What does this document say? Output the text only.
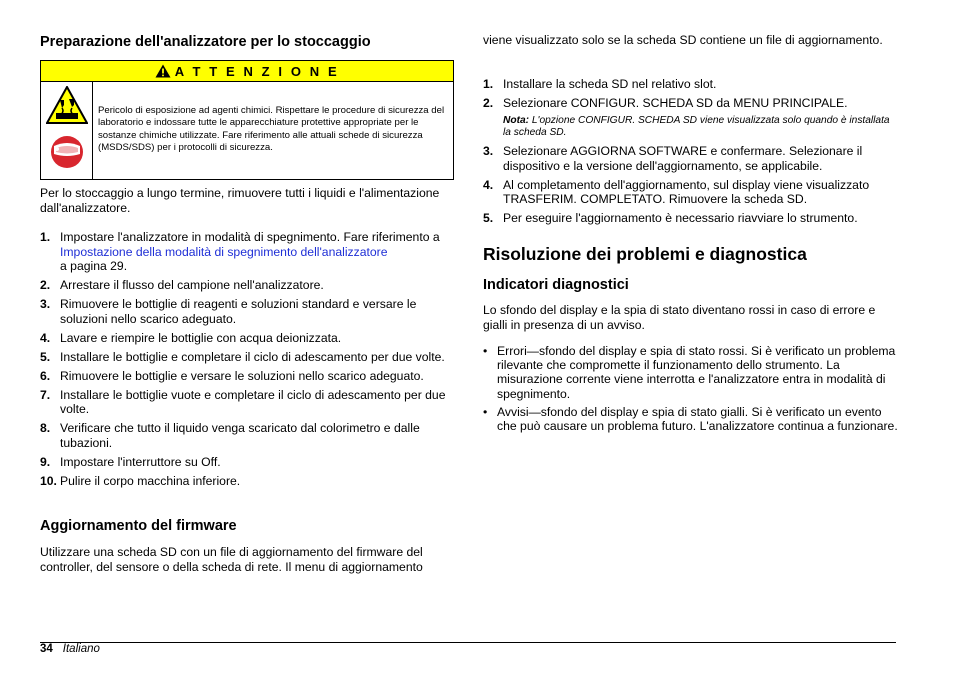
Preparazione dell'analizzatore per lo stoccaggio
A T T E N Z I O N E
Pericolo di esposizione ad agenti chimici. Rispettare le procedure di sicurezza del laboratorio e indossare tutte le apparecchiature protettive appropriate per le sostanze chimiche utilizzate. Fare riferimento alle attuali schede di sicurezza (MSDS/SDS) per i protocolli di sicurezza.

Per lo stoccaggio a lungo termine, rimuovere tutti i liquidi e l'alimentazione dall'analizzatore.

1. Impostare l'analizzatore in modalità di spegnimento. Fare riferimento a Impostazione della modalità di spegnimento dell'analizzatore
a pagina 29.
2. Arrestare il flusso del campione nell'analizzatore.
3. Rimuovere le bottiglie di reagenti e soluzioni standard e versare le soluzioni nello scarico adeguato.
4. Lavare e riempire le bottiglie con acqua deionizzata.
5. Installare le bottiglie e completare il ciclo di adescamento per due volte.
6. Rimuovere le bottiglie e versare le soluzioni nello scarico adeguato.
7. Installare le bottiglie vuote e completare il ciclo di adescamento per due volte.
8. Verificare che tutto il liquido venga scaricato dal colorimetro e dalle tubazioni.
9. Impostare l'interruttore su Off.
10. Pulire il corpo macchina inferiore.
Aggiornamento del firmware

Utilizzare una scheda SD con un file di aggiornamento del firmware del controller, del sensore o della scheda di rete. Il menu di aggiornamento

viene visualizzato solo se la scheda SD contiene un file di aggiornamento.

1. Installare la scheda SD nel relativo slot.
2. Selezionare CONFIGUR. SCHEDA SD da MENU PRINCIPALE.
Nota: L'opzione CONFIGUR. SCHEDA SD viene visualizzata solo quando è installata la scheda SD.
3. Selezionare AGGIORNA SOFTWARE e confermare. Selezionare il dispositivo e la versione dell'aggiornamento, se applicabile.
4. Al completamento dell'aggiornamento, sul display viene visualizzato TRASFERIM. COMPLETATO. Rimuovere la scheda SD.
5. Per eseguire l'aggiornamento è necessario riavviare lo strumento.
Risoluzione dei problemi e diagnostica
Indicatori diagnostici

Lo sfondo del display e la spia di stato diventano rossi in caso di errore e gialli in presenza di un avviso.

• Errori—sfondo del display e spia di stato rossi. Si è verificato un problema rilevante che compromette il funzionamento dello strumento. La misurazione corrente viene interrotta e l'analizzatore entra in modalità di spegnimento.
• Avvisi—sfondo del display e spia di stato gialli. Si è verificato un evento che può causare un problema futuro. L'analizzatore continua a funzionare.
34 Italiano
